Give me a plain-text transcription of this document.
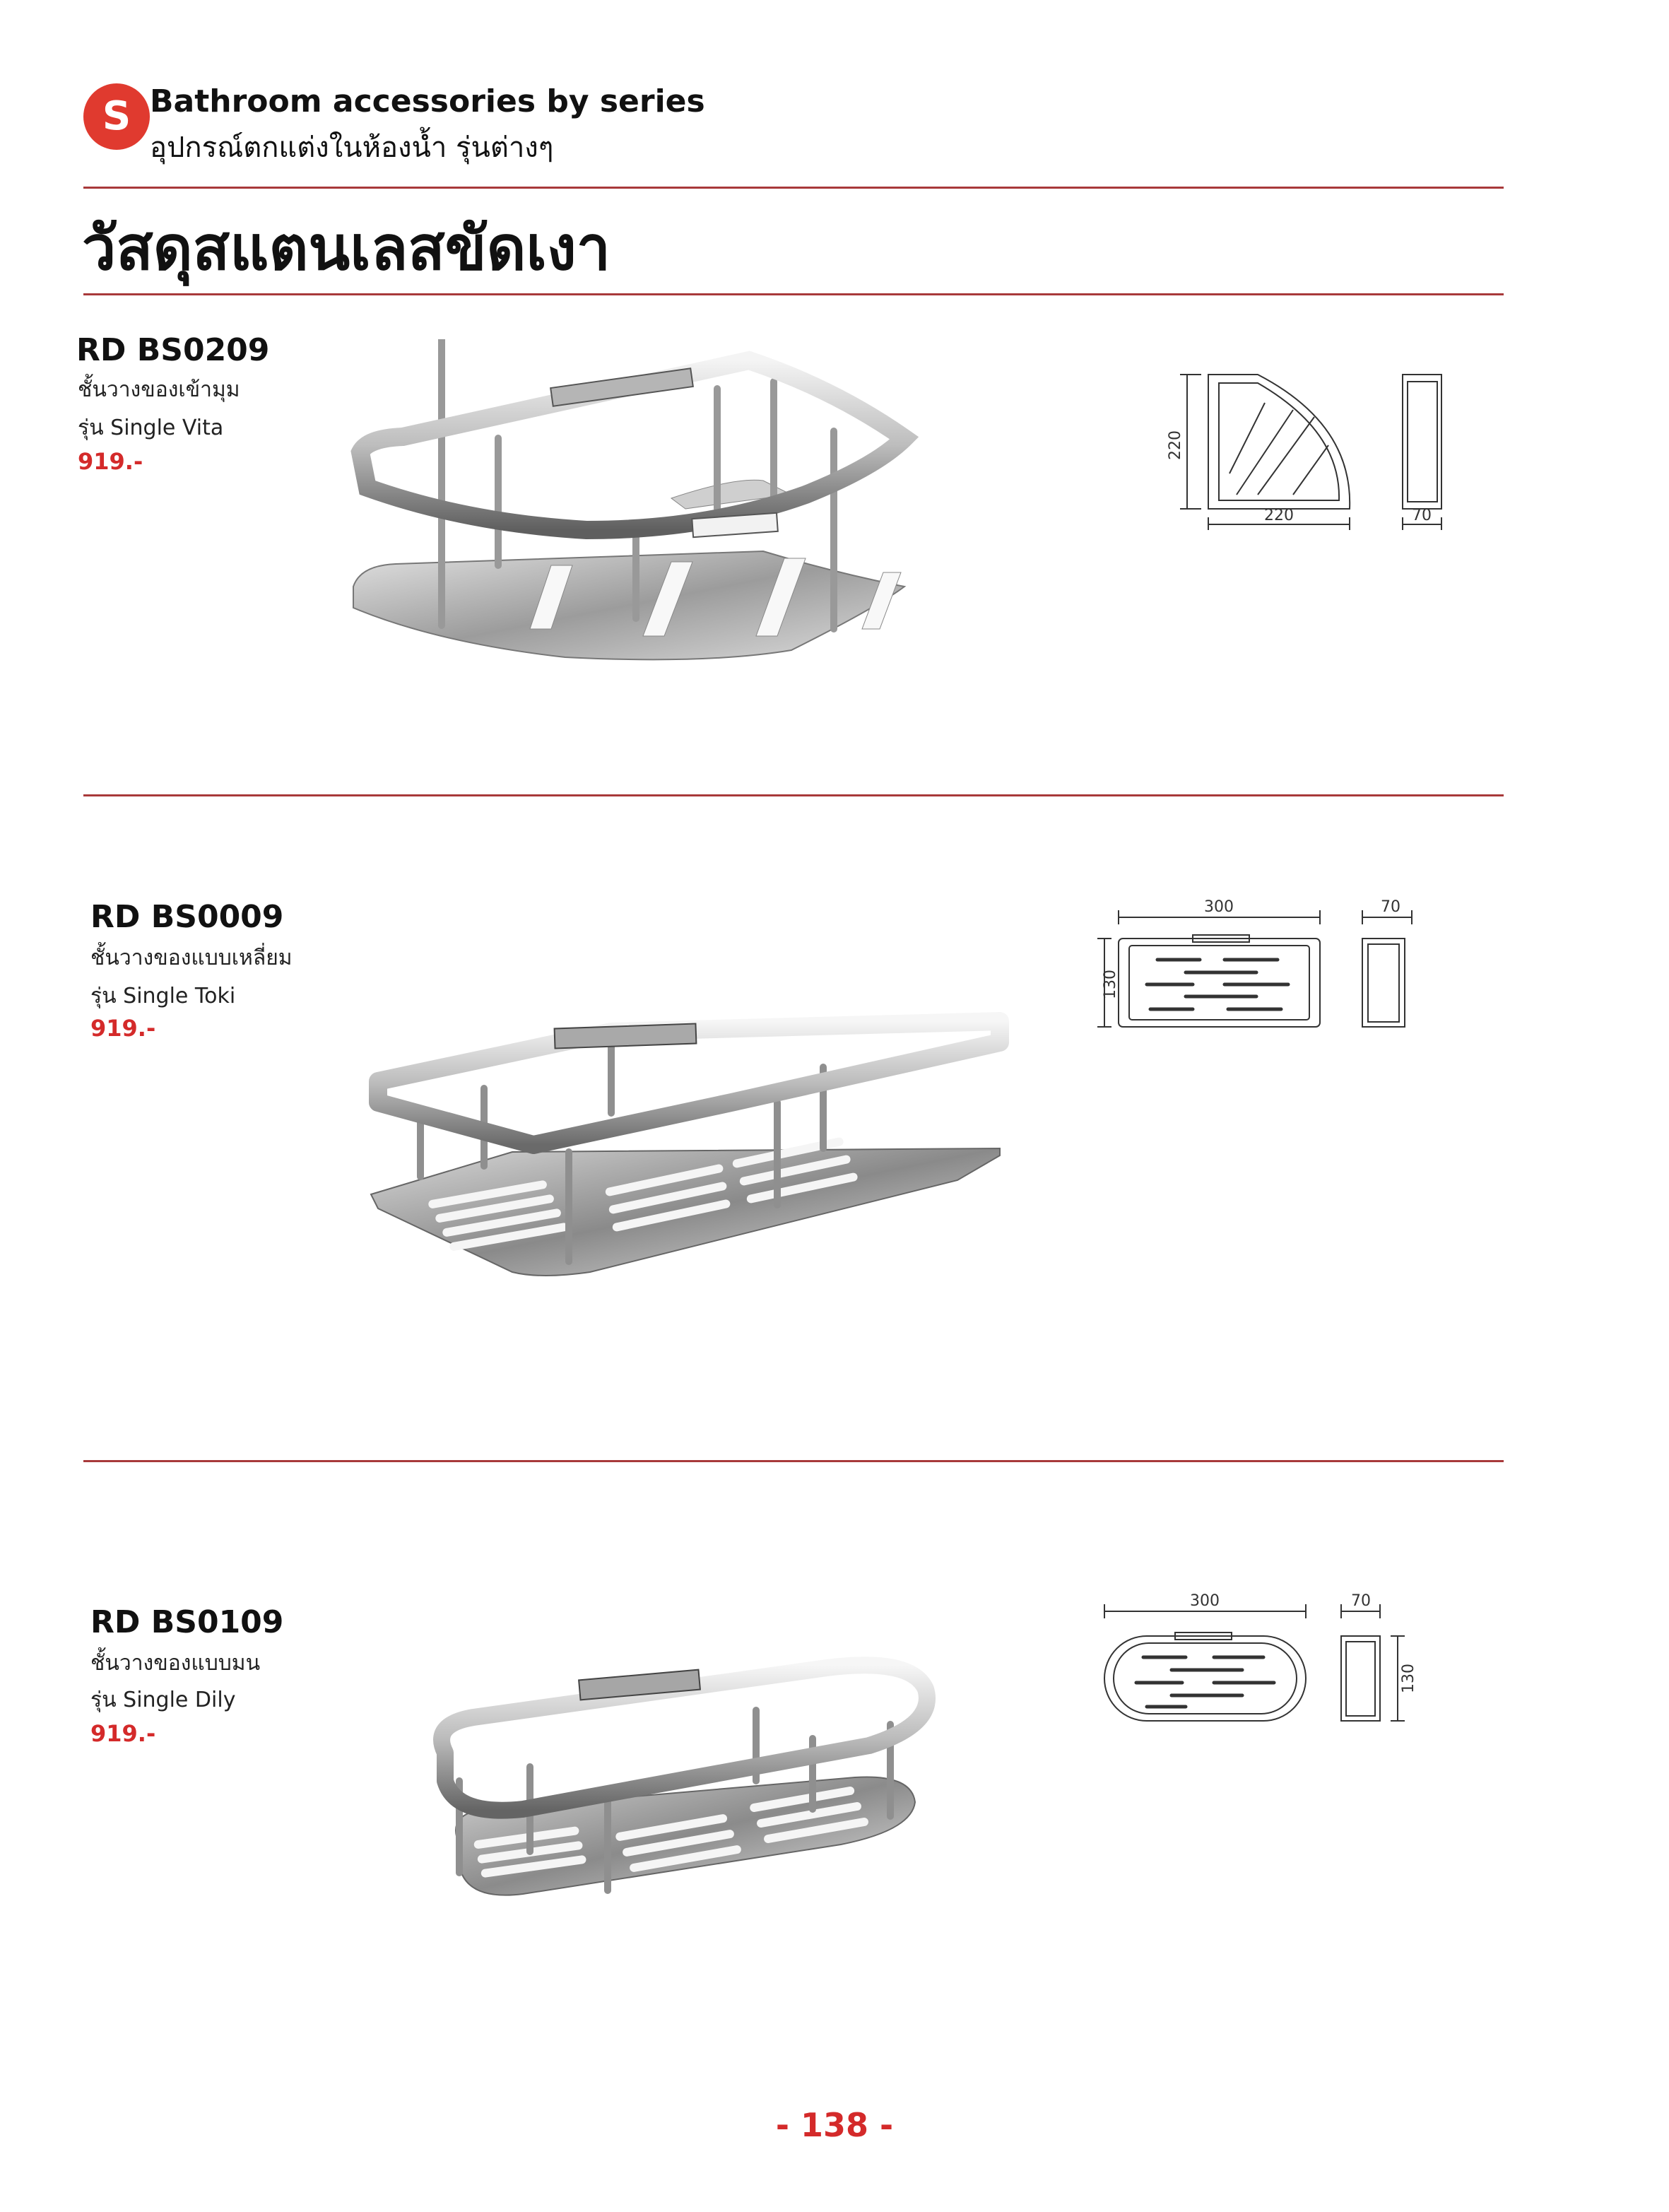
S Bathroom accessories by series
อุปกรณ์ตกแต่งในห้องน้ำ รุ่นต่างๆ
วัสดุสแตนเลสขัดเงา
RD BS0209
ชั้นวางของเข้ามุม
รุ่น Single Vita
919.-
220
220	70
RD BS0009
ชั้นวางของแบบเหลี่ยม
รุ่น Single Toki
919.-
300	70
130
RD BS0109
ชั้นวางของแบบมน
รุ่น Single Dily
919.-
300	70
130
- 138 -
